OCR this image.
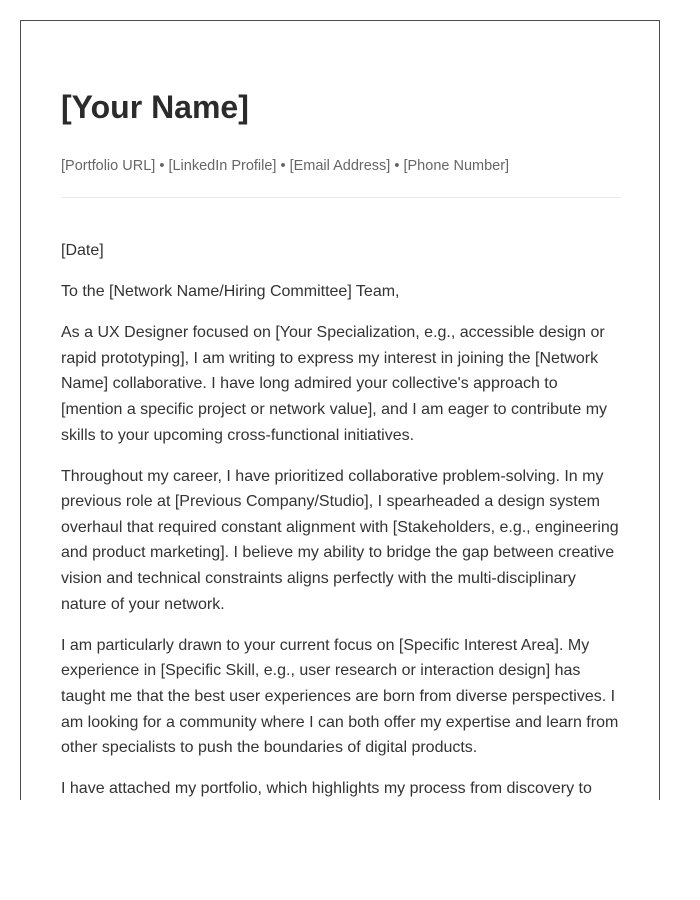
[Your Name]
[Portfolio URL] • [LinkedIn Profile] • [Email Address] • [Phone Number]

[Date]

To the [Network Name/Hiring Committee] Team,

As a UX Designer focused on [Your Specialization, e.g., accessible design or rapid prototyping], I am writing to express my interest in joining the [Network Name] collaborative. I have long admired your collective's approach to [mention a specific project or network value], and I am eager to contribute my skills to your upcoming cross-functional initiatives.

Throughout my career, I have prioritized collaborative problem-solving. In my previous role at [Previous Company/Studio], I spearheaded a design system overhaul that required constant alignment with [Stakeholders, e.g., engineering and product marketing]. I believe my ability to bridge the gap between creative vision and technical constraints aligns perfectly with the multi-disciplinary nature of your network.

I am particularly drawn to your current focus on [Specific Interest Area]. My experience in [Specific Skill, e.g., user research or interaction design] has taught me that the best user experiences are born from diverse perspectives. I am looking for a community where I can both offer my expertise and learn from other specialists to push the boundaries of digital products.

I have attached my portfolio, which highlights my process from discovery to
